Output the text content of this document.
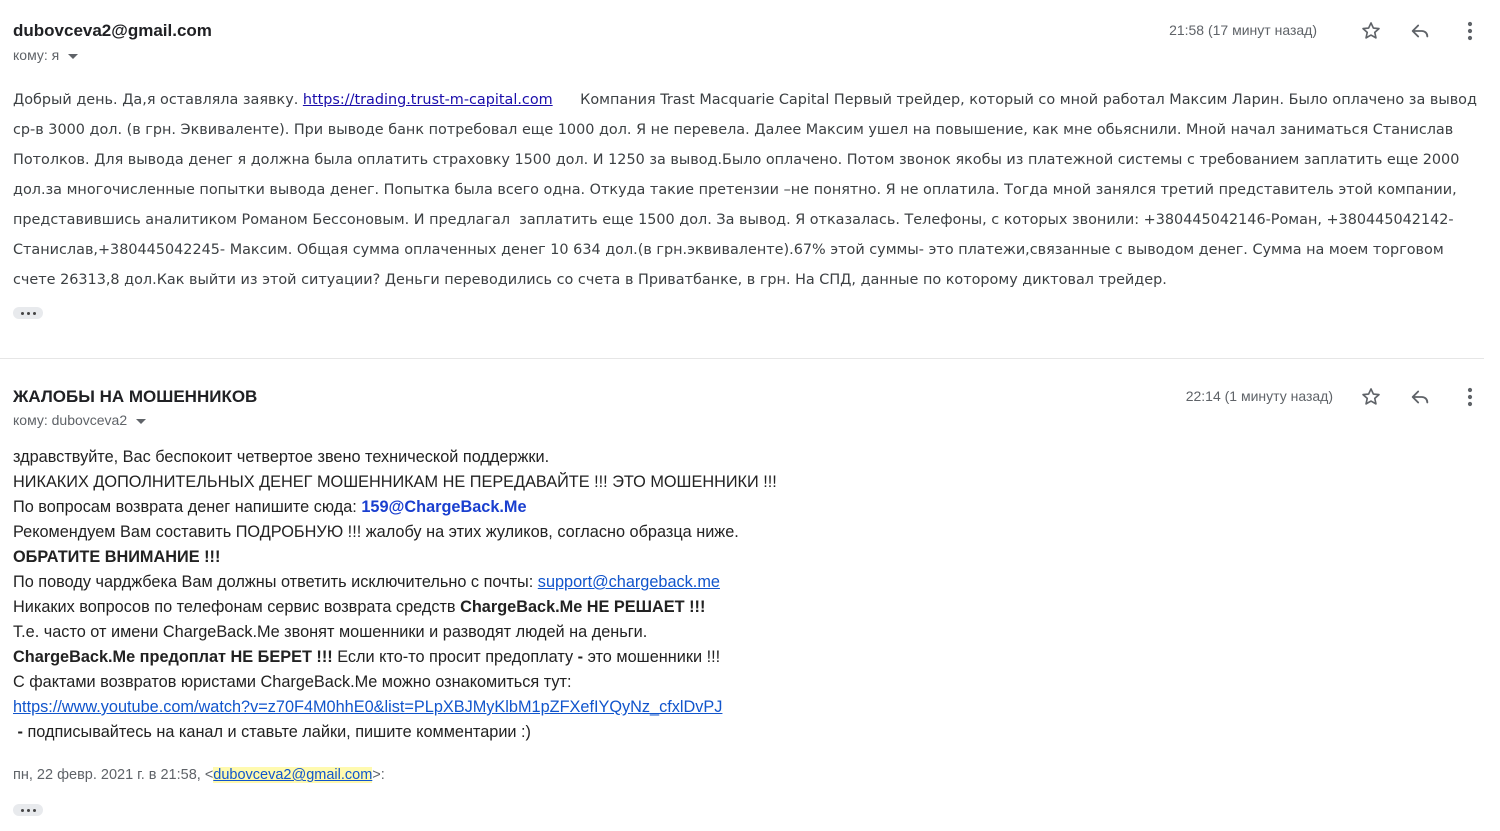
dubovceva2@gmail.com
кому: я
21:58 (17 минут назад)
Добрый день. Да,я оставляла заявку. https://trading.trust-m-capital.com      Компания Trast Macquarie Capital Первый трейдер, который со мной работал Максим Ларин. Было оплачено за вывод ср-в 3000 дол. (в грн. Эквиваленте). При выводе банк потребовал еще 1000 дол. Я не перевела. Далее Максим ушел на повышение, как мне обьяснили. Мной начал заниматься Станислав Потолков. Для вывода денег я должна была оплатить страховку 1500 дол. И 1250 за вывод.Было оплачено. Потом звонок якобы из платежной системы с требованием заплатить еще 2000 дол.за многочисленные попытки вывода денег. Попытка была всего одна. Откуда такие претензии –не понятно. Я не оплатила. Тогда мной занялся третий представитель этой компании, представившись аналитиком Романом Бессоновым. И предлагал  заплатить еще 1500 дол. За вывод. Я отказалась. Телефоны, с которых звонили: +380445042146-Роман, +380445042142-Станислав,+380445042245- Максим. Общая сумма оплаченных денег 10 634 дол.(в грн.эквиваленте).67% этой суммы- это платежи,связанные с выводом денег. Сумма на моем торговом счете 26313,8 дол.Как выйти из этой ситуации? Деньги переводились со счета в Приватбанке, в грн. На СПД, данные по которому диктовал трейдер.
ЖАЛОБЫ НА МОШЕННИКОВ
кому: dubovceva2
22:14 (1 минуту назад)
здравствуйте, Вас беспокоит четвертое звено технической поддержки.
НИКАКИХ ДОПОЛНИТЕЛЬНЫХ ДЕНЕГ МОШЕННИКАМ НЕ ПЕРЕДАВАЙТЕ !!! ЭТО МОШЕННИКИ !!!
По вопросам возврата денег напишите сюда: 159@ChargeBack.Me
Рекомендуем Вам составить ПОДРОБНУЮ !!! жалобу на этих жуликов, согласно образца ниже.
ОБРАТИТЕ ВНИМАНИЕ !!!
По поводу чарджбека Вам должны ответить исключительно с почты: support@chargeback.me
Никаких вопросов по телефонам сервис возврата средств ChargeBack.Me НЕ РЕШАЕТ !!!
Т.е. часто от имени ChargeBack.Me звонят мошенники и разводят людей на деньги.
ChargeBack.Me предоплат НЕ БЕРЕТ !!! Если кто-то просит предоплату - это мошенники !!!
С фактами возвратов юристами ChargeBack.Me можно ознакомиться тут:
https://www.youtube.com/watch?v=z70F4M0hhE0&list=PLpXBJMyKlbM1pZFXefIYQyNz_cfxlDvPJ
- подписывайтесь на канал и ставьте лайки, пишите комментарии :)
пн, 22 февр. 2021 г. в 21:58, <dubovceva2@gmail.com>:
